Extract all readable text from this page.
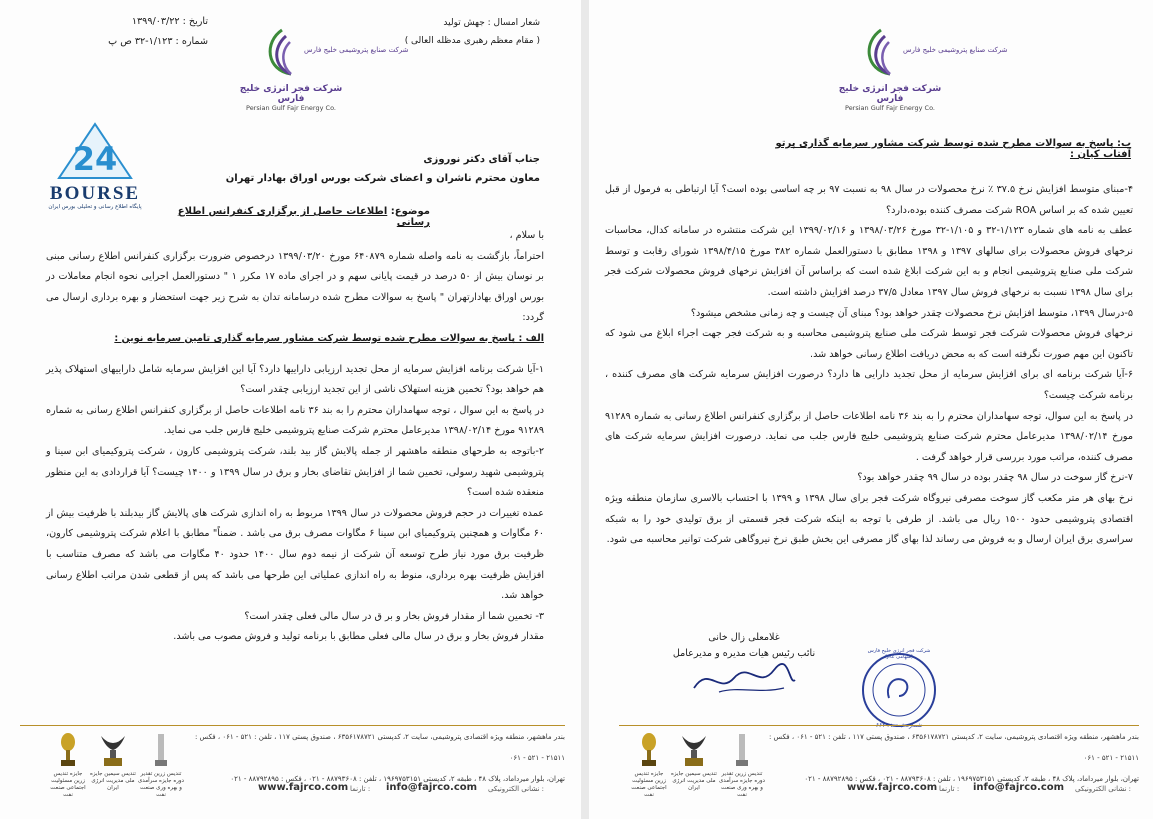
شرکت صنایع پتروشیمی خلیج فارس
شرکت فجر انرژی خلیج فارس
Persian Gulf Fajr Energy Co.
شعار امسال : جهش تولید
( مقام معظم رهبری مدظله العالی )
تاریخ : ۱۳۹۹/۰۳/۲۲
شماره : ۱/۱۲۳-۳۲ ص پ
24
BOURSE
پایگاه اطلاع رسانی و تحلیلی بورس ایران
جناب آقای دکتر نوروزی
معاون محترم ناشران و اعضای شرکت بورس اوراق بهادار تهران
موضوع: اطلاعات حاصل از برگزاری کنفرانس اطلاع رسانی

با سلام ،

احتراماً، بازگشت به نامه واصله شماره ۶۴۰۸۷۹ مورخ ۱۳۹۹/۰۳/۲۰ درخصوص ضرورت برگزاری کنفرانس اطلاع رسانی مبنی بر نوسان بیش از ۵۰ درصد در قیمت پایانی سهم و در اجرای ماده ۱۷ مکرر ۱ " دستورالعمل اجرایی نحوه انجام معاملات در بورس اوراق بهادارتهران " پاسخ به سوالات مطرح شده درسامانه تدان به شرح زیر جهت استحضار و بهره برداری ارسال می گردد:

الف : پاسخ به سوالات مطرح شده توسط شرکت مشاور سرمایه گذاری تامین سرمایه نوین :

۱-آیا شرکت برنامه افزایش سرمایه از محل تجدید ارزیابی داراییها دارد؟ آیا این افزایش سرمایه شامل داراییهای استهلاک پذیر هم خواهد بود؟ تخمین هزینه استهلاک ناشی از این تجدید ارزیابی چقدر است؟

در پاسخ به این سوال ، توجه سهامداران محترم را به بند ۳۶ نامه اطلاعات حاصل از برگزاری کنفرانس اطلاع رسانی به شماره ۹۱۲۸۹ مورخ ۱۳۹۸/۰۲/۱۴ مدیرعامل محترم شرکت صنایع پتروشیمی خلیج فارس جلب می نماید.

۲-باتوجه به طرحهای منطقه ماهشهر از جمله پالایش گاز بید بلند، شرکت پتروشیمی کارون ، شرکت پتروکیمیای ابن سینا و پتروشیمی شهید رسولی، تخمین شما از افزایش تقاضای بخار و برق در سال ۱۳۹۹ و ۱۴۰۰ چیست؟ آیا قراردادی به این منظور منعقده شده است؟

عمده تغییرات در حجم فروش محصولات در سال ۱۳۹۹ مربوط به راه اندازی شرکت های پالایش گاز بیدبلند با ظرفیت بیش از ۶۰ مگاوات و همچنین پتروکیمیای ابن سینا ۶ مگاوات مصرف برق می باشد . ضمناً" مطابق با اعلام شرکت پتروشیمی کارون، ظرفیت برق مورد نیاز طرح توسعه آن شرکت از نیمه دوم سال ۱۴۰۰ حدود ۴۰ مگاوات می باشد که مصرف متناسب با افزایش ظرفیت بهره برداری، منوط به راه اندازی عملیاتی این طرحها می باشد که پس از قطعی شدن مراتب اطلاع رسانی خواهد شد.

۳- تخمین شما از مقدار فروش بخار و بر ق در سال مالی فعلی چقدر است؟

مقدار فروش بخار و برق در سال مالی فعلی مطابق با برنامه تولید و فروش مصوب می باشد.

بندر ماهشهر، منطقه ویژه اقتصادی پتروشیمی، سایت ۲، کدپستی ۶۳۵۶۱۷۸۷۲۱ ، صندوق پستی ۱۱۷ ، تلفن : ۵۲۱ - ۰۶۱ ، فکس : ۲۱۵۱۱ - ۵۲۱ - ۰۶۱
تهران، بلوار میرداماد، پلاک ۴۸ ، طبقه ۲، کدپستی ۱۹۶۹۷۵۳۱۵۱ ، تلفن : ۸۸۷۹۳۶۰۸ - ۰۲۱ ، فکس : ۸۸۷۹۲۸۹۵ - ۰۲۱
info@fajrco.com نشانی الکترونیکی :
www.fajrco.com تارنما :
جایزه تندیس زرین مسئولیت اجتماعی صنعت نفت
تندیس سیمین جایزه ملی مدیریت انرژی ایران
تندیس زرین تقدیر دوره جایزه سرآمدی و بهره وری صنعت نفت
شرکت صنایع پتروشیمی خلیج فارس
شرکت فجر انرژی خلیج فارس
Persian Gulf Fajr Energy Co.
ب: پاسخ به سوالات مطرح شده توسط شرکت مشاور سرمایه گذاری پرتو آفتاب کیان :

۴-مبنای متوسط افزایش نرخ ۳۷.۵ ٪ نرخ محصولات در سال ۹۸ به نسبت ۹۷ بر چه اساسی بوده است؟ آیا ارتباطی به فرمول از قبل تعیین شده که بر اساس ROA شرکت مصرف کننده بوده،دارد؟

عطف به نامه های شماره ۱/۱۲۳-۳۲ و ۱/۱۰۵-۳۲ مورخ ۱۳۹۸/۰۳/۲۶ و ۱۳۹۹/۰۲/۱۶ این شرکت منتشره در سامانه کدال، محاسبات نرخهای فروش محصولات برای سالهای ۱۳۹۷ و ۱۳۹۸ مطابق با دستورالعمل شماره ۳۸۲ مورخ ۱۳۹۸/۴/۱۵ شورای رقابت و توسط شرکت ملی صنایع پتروشیمی انجام و به این شرکت ابلاغ شده است که براساس آن افزایش نرخهای فروش محصولات شرکت فجر برای سال ۱۳۹۸ نسبت به نرخهای فروش سال ۱۳۹۷ معادل ۳۷/۵ درصد افزایش داشته است.

۵-درسال ۱۳۹۹، متوسط افزایش نرخ محصولات چقدر خواهد بود؟ مبنای آن چیست و چه زمانی مشخص میشود؟

نرخهای فروش محصولات شرکت فجر توسط شرکت ملی صنایع پتروشیمی محاسبه و به شرکت فجر جهت اجراء ابلاغ می شود که تاکنون این مهم صورت نگرفته است که به محض دریافت اطلاع رسانی خواهد شد.

۶-آیا شرکت برنامه ای برای افزایش سرمایه از محل تجدید دارایی ها دارد؟ درصورت افزایش سرمایه شرکت های مصرف کننده ، برنامه شرکت چیست؟

در پاسخ به این سوال، توجه سهامداران محترم را به بند ۳۶ نامه اطلاعات حاصل از برگزاری کنفرانس اطلاع رسانی به شماره ۹۱۲۸۹ مورخ ۱۳۹۸/۰۲/۱۴ مدیرعامل محترم شرکت صنایع پتروشیمی خلیج فارس جلب می نماید. درصورت افزایش سرمایه شرکت های مصرف کننده، مراتب مورد بررسی قرار خواهد گرفت .

۷-نرخ گاز سوخت در سال ۹۸ چقدر بوده در سال ۹۹ چقدر خواهد بود؟

نرخ بهای هر متر مکعب گاز سوخت مصرفی نیروگاه شرکت فجر برای سال ۱۳۹۸ و ۱۳۹۹ با احتساب بالاسری سازمان منطقه ویژه اقتصادی پتروشیمی حدود ۱۵۰۰ ریال می باشد. از طرفی با توجه به اینکه شرکت فجر قسمتی از برق تولیدی خود را به شبکه سراسری برق ایران ارسال و به فروش می رساند لذا بهای گاز مصرفی این بخش طبق نرخ نیروگاهی شرکت توانیر محاسبه می شود.

غلامعلی زال خانی
نائب رئیس هیات مدیره و مدیرعامل	شرکت فجر انرژی خلیج فارس (سهامی عام)
بندر ماهشهر، منطقه ویژه اقتصادی پتروشیمی، سایت ۲، کدپستی ۶۳۵۶۱۷۸۷۲۱ ، صندوق پستی ۱۱۷ ، تلفن : ۵۲۱ - ۰۶۱ ، فکس : ۲۱۵۱۱ - ۵۲۱ - ۰۶۱
تهران، بلوار میرداماد، پلاک ۴۸ ، طبقه ۲، کدپستی ۱۹۶۹۷۵۳۱۵۱ ، تلفن : ۸۸۷۹۳۶۰۸ - ۰۲۱ ، فکس : ۸۸۷۹۲۸۹۵ - ۰۲۱
info@fajrco.com نشانی الکترونیکی :
www.fajrco.com تارنما :
جایزه تندیس زرین مسئولیت اجتماعی صنعت نفت
تندیس سیمین جایزه ملی مدیریت انرژی ایران
تندیس زرین تقدیر دوره جایزه سرآمدی و بهره وری صنعت نفت
